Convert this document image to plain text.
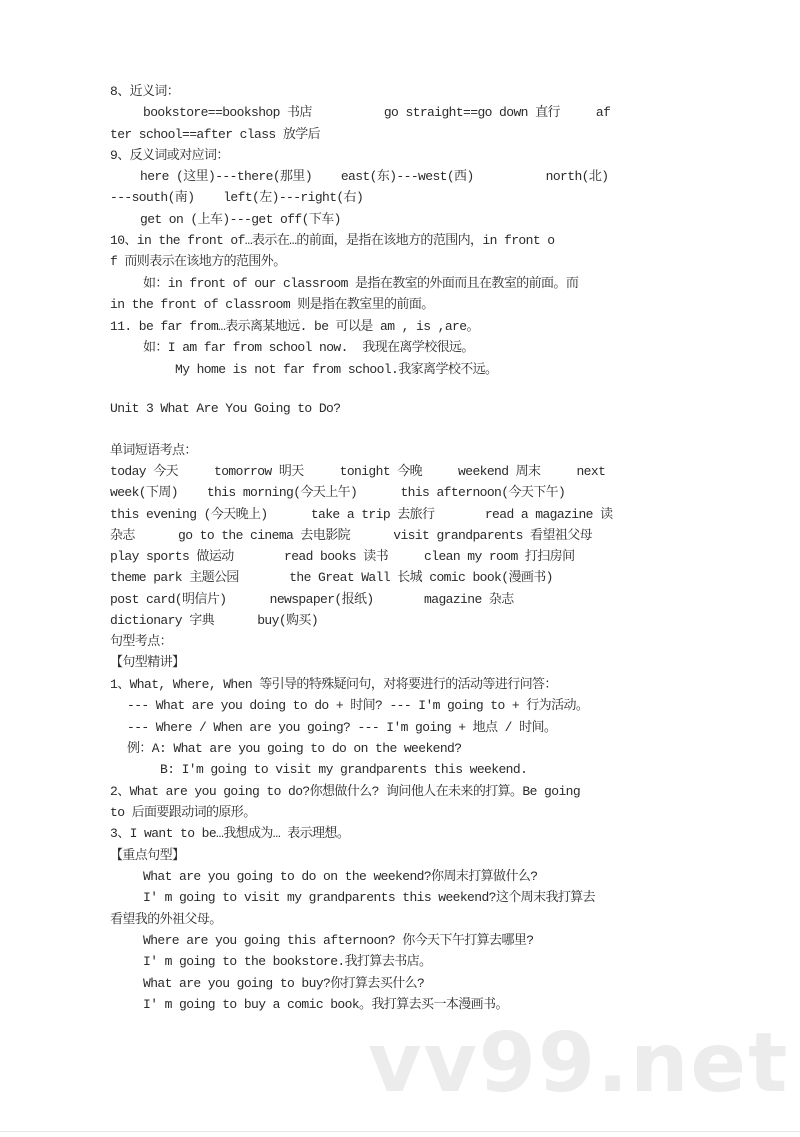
8、近义词：
bookstore==bookshop 书店          go straight==go down 直行     af
ter school==after class 放学后
9、反义词或对应词：
here (这里)---there(那里)    east(东)---west(西)          north(北)
---south(南)    left(左)---right(右)
get on (上车)---get off(下车)
10、in the front of…表示在…的前面，是指在该地方的范围内，in front o
f 而则表示在该地方的范围外。
如：in front of our classroom 是指在教室的外面而且在教室的前面。而
in the front of classroom 则是指在教室里的前面。
11. be far from…表示离某地远. be 可以是 am , is ,are。
如：I am far from school now.  我现在离学校很远。
My home is not far from school.我家离学校不远。
Unit 3 What Are You Going to Do?
单词短语考点：
today 今天     tomorrow 明天     tonight 今晚     weekend 周末     next
week(下周)    this morning(今天上午)      this afternoon(今天下午)
this evening (今天晚上)      take a trip 去旅行       read a magazine 读
杂志      go to the cinema 去电影院      visit grandparents 看望祖父母
play sports 做运动       read books 读书     clean my room 打扫房间
theme park 主题公园       the Great Wall 长城 comic book(漫画书)
post card(明信片)      newspaper(报纸)       magazine 杂志
dictionary 字典      buy(购买)
句型考点：
【句型精讲】
1、What, Where, When 等引导的特殊疑问句，对将要进行的活动等进行问答：
--- What are you doing to do + 时间? --- I'm going to + 行为活动。
--- Where / When are you going? --- I'm going + 地点 / 时间。
例：A: What are you going to do on the weekend?
B: I'm going to visit my grandparents this weekend.
2、What are you going to do?你想做什么? 询问他人在未来的打算。Be going
to 后面要跟动词的原形。
3、I want to be…我想成为… 表示理想。
【重点句型】
What are you going to do on the weekend?你周末打算做什么?
I' m going to visit my grandparents this weekend?这个周末我打算去
看望我的外祖父母。
Where are you going this afternoon? 你今天下午打算去哪里?
I' m going to the bookstore.我打算去书店。
What are you going to buy?你打算去买什么?
I' m going to buy a comic book。我打算去买一本漫画书。
vv99.net
